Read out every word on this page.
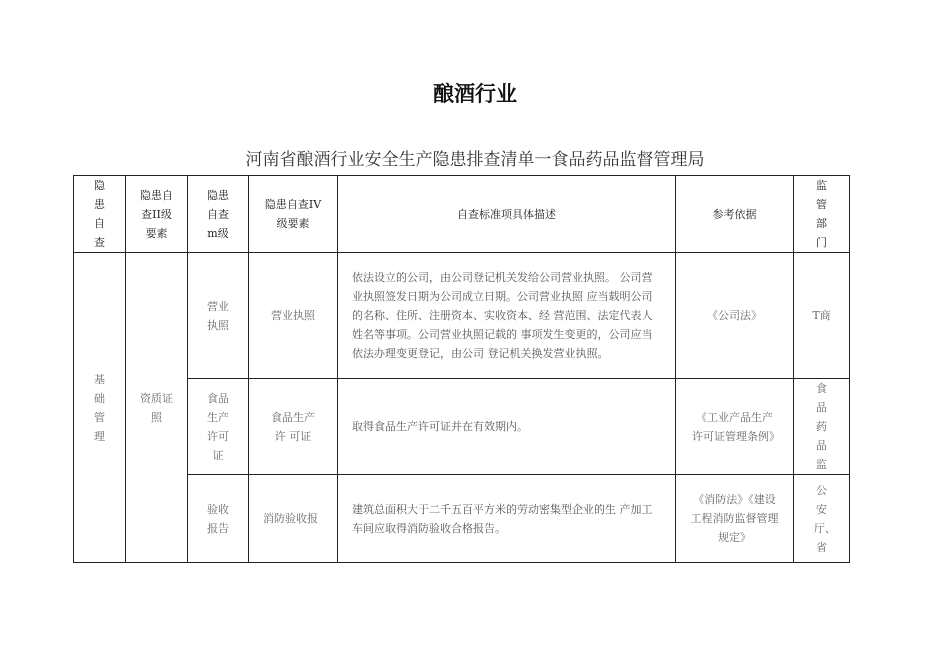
酿酒行业
河南省酿酒行业安全生产隐患排查清单一食品药品监督管理局
隐患自查	隐患自查II级要素	隐患自查m级	隐患自查IV级要素	自查标准项具体描述	参考依据	监管部门
基础管理	资质证照	营业执照	营业执照	依法设立的公司，由公司登记机关发给公司营业执照。 公司营业执照签发日期为公司成立日期。公司营业执照 应当载明公司的名称、住所、注册资本、实收资本、经 营范围、法定代表人姓名等事项。公司营业执照记载的 事项发生变更的，公司应当依法办理变更登记，由公司 登记机关换发营业执照。	《公司法》	T商
		食品生产许可证	食品生产许 可证	取得食品生产许可证并在有效期内。	《工业产品生产许可证管理条例》	食品药品监
		验收报告	消防验收报	建筑总面积大于二千五百平方米的劳动密集型企业的生 产加工车间应取得消防验收合格报告。	《消防法》《建设工程消防监督管理规定》	公安厅、省
